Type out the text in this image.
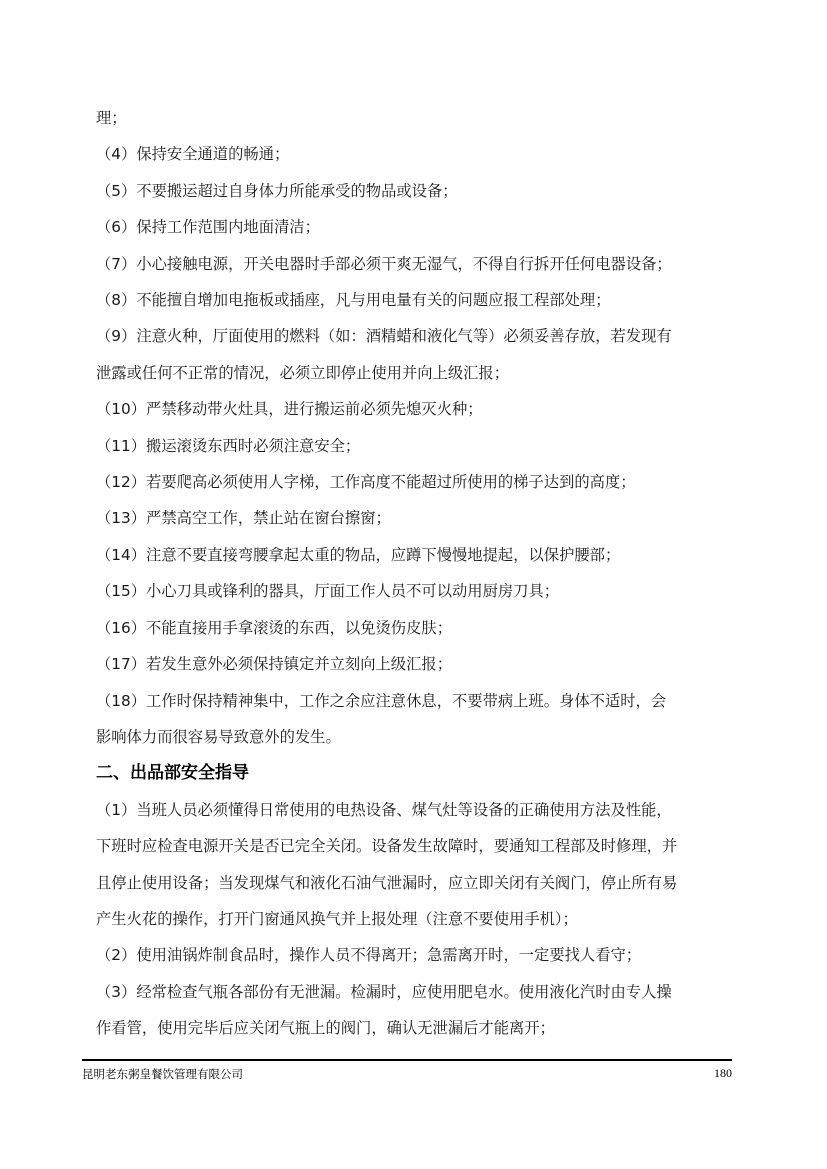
理；
（4）保持安全通道的畅通；
（5）不要搬运超过自身体力所能承受的物品或设备；
（6）保持工作范围内地面清洁；
（7）小心接触电源，开关电器时手部必须干爽无湿气，不得自行拆开任何电器设备；
（8）不能擅自增加电拖板或插座，凡与用电量有关的问题应报工程部处理；
（9）注意火种，厅面使用的燃料（如：酒精蜡和液化气等）必须妥善存放，若发现有
泄露或任何不正常的情况，必须立即停止使用并向上级汇报；
（10）严禁移动带火灶具，进行搬运前必须先熄灭火种；
（11）搬运滚烫东西时必须注意安全；
（12）若要爬高必须使用人字梯，工作高度不能超过所使用的梯子达到的高度；
（13）严禁高空工作，禁止站在窗台擦窗；
（14）注意不要直接弯腰拿起太重的物品，应蹲下慢慢地提起，以保护腰部；
（15）小心刀具或锋利的器具，厅面工作人员不可以动用厨房刀具；
（16）不能直接用手拿滚烫的东西，以免烫伤皮肤；
（17）若发生意外必须保持镇定并立刻向上级汇报；
（18）工作时保持精神集中，工作之余应注意休息，不要带病上班。身体不适时，会
影响体力而很容易导致意外的发生。
二、出品部安全指导
（1）当班人员必须懂得日常使用的电热设备、煤气灶等设备的正确使用方法及性能，
下班时应检查电源开关是否已完全关闭。设备发生故障时，要通知工程部及时修理，并
且停止使用设备；当发现煤气和液化石油气泄漏时，应立即关闭有关阀门，停止所有易
产生火花的操作，打开门窗通风换气并上报处理（注意不要使用手机）；
（2）使用油锅炸制食品时，操作人员不得离开；急需离开时，一定要找人看守；
（3）经常检查气瓶各部份有无泄漏。检漏时，应使用肥皂水。使用液化汽时由专人操
作看管，使用完毕后应关闭气瓶上的阀门，确认无泄漏后才能离开；
昆明老东粥皇餐饮管理有限公司	180
